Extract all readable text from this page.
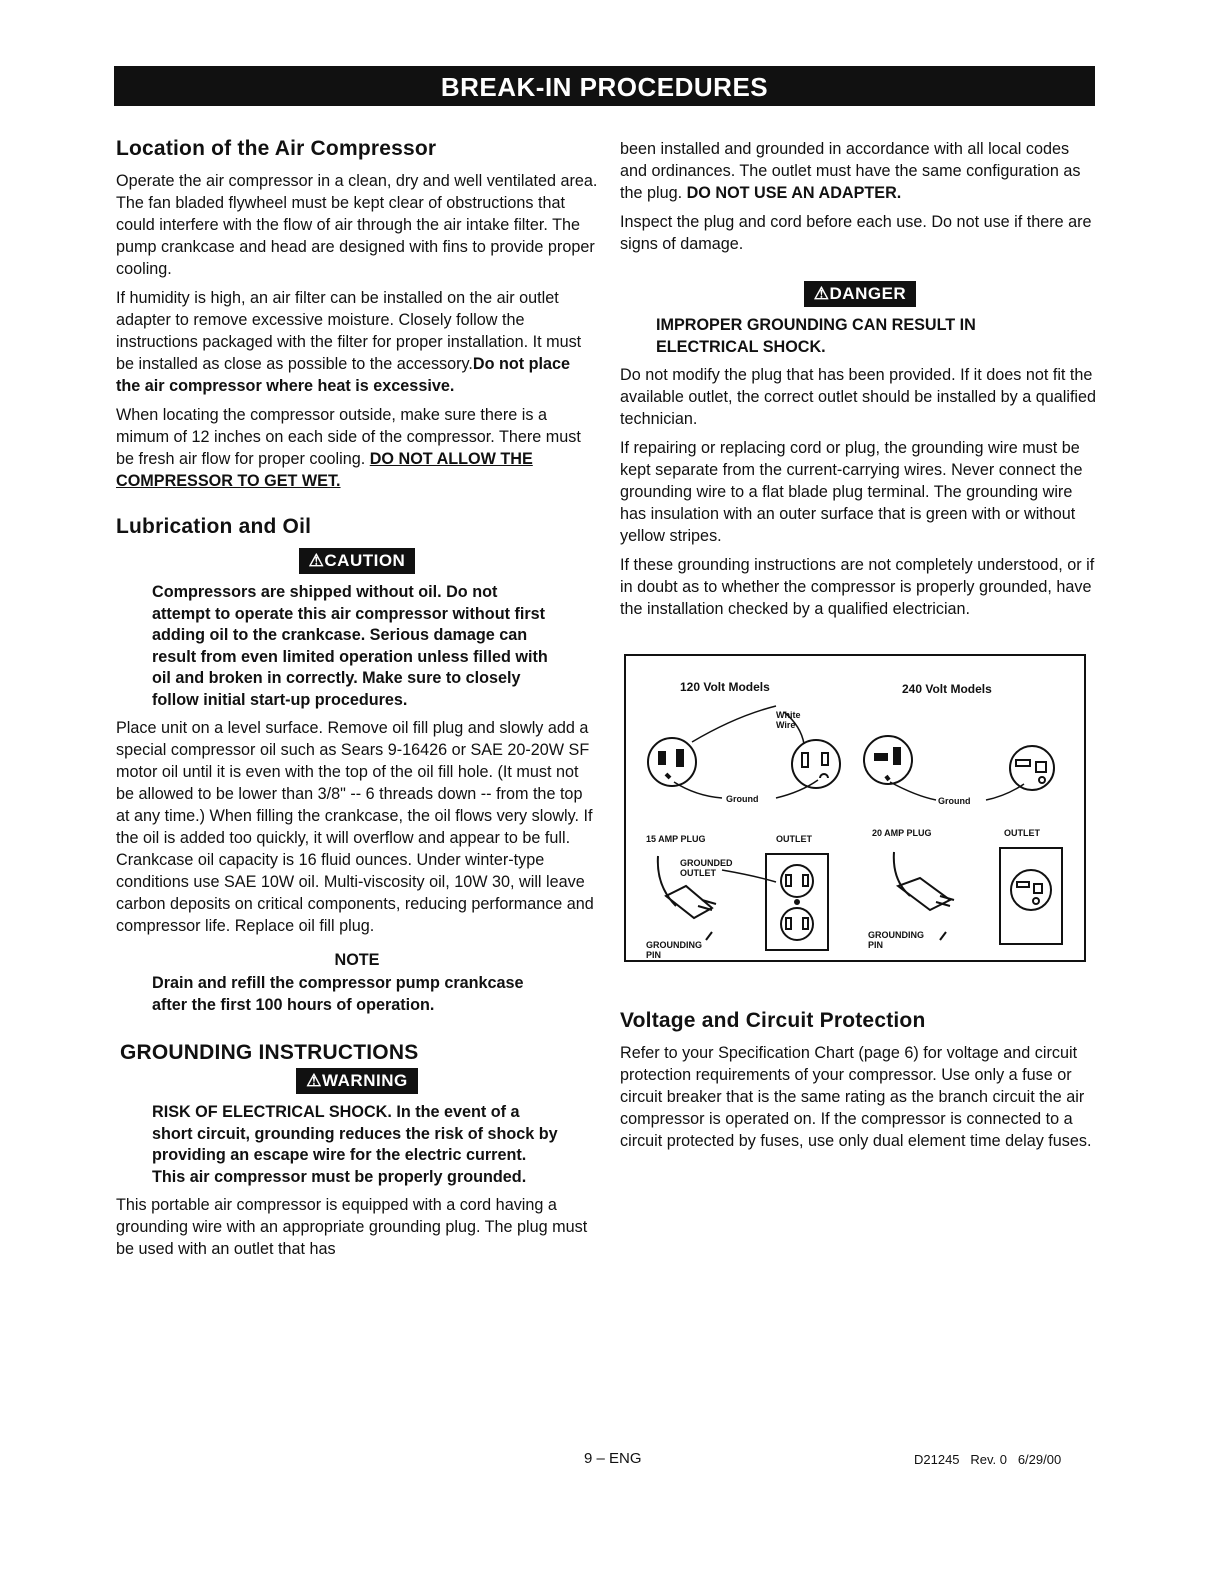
BREAK-IN PROCEDURES
Location of the Air Compressor

Operate the air compressor in a clean, dry and well ventilated area. The fan bladed flywheel must be kept clear of obstructions that could interfere with the flow of air through the air intake filter. The pump crankcase and head are designed with fins to provide proper cooling.

If humidity is high, an air filter can be installed on the air outlet adapter to remove excessive moisture. Closely follow the instructions packaged with the filter for proper installation. It must be installed as close as possible to the accessory.Do not place the air compressor where heat is excessive.

When locating the compressor outside, make sure there is a mimum of 12 inches on each side of the compressor. There must be fresh air flow for proper cooling. DO NOT ALLOW THE COMPRESSOR TO GET WET.

Lubrication and Oil
⚠CAUTION
Compressors are shipped without oil. Do not attempt to operate this air compressor without first adding oil to the crankcase. Serious damage can result from even limited operation unless filled with oil and broken in correctly. Make sure to closely follow initial start-up procedures.

Place unit on a level surface. Remove oil fill plug and slowly add a special compressor oil such as Sears 9-16426 or SAE 20-20W SF motor oil until it is even with the top of the oil fill hole. (It must not be allowed to be lower than 3/8" -- 6 threads down -- from the top at any time.) When filling the crankcase, the oil flows very slowly. If the oil is added too quickly, it will overflow and appear to be full. Crankcase oil capacity is 16 fluid ounces. Under winter-type conditions use SAE 10W oil. Multi-viscosity oil, 10W 30, will leave carbon deposits on critical components, reducing performance and compressor life. Replace oil fill plug.

NOTE
Drain and refill the compressor pump crankcase after the first 100 hours of operation.
GROUNDING INSTRUCTIONS
⚠WARNING
RISK OF ELECTRICAL SHOCK. In the event of a short circuit, grounding reduces the risk of shock by providing an escape wire for the electric current. This air compressor must be properly grounded.

This portable air compressor is equipped with a cord having a grounding wire with an appropriate grounding plug. The plug must be used with an outlet that has

been installed and grounded in accordance with all local codes and ordinances. The outlet must have the same configuration as the plug. DO NOT USE AN ADAPTER.

Inspect the plug and cord before each use. Do not use if there are signs of damage.

⚠DANGER
IMPROPER GROUNDING CAN RESULT IN ELECTRICAL SHOCK.

Do not modify the plug that has been provided. If it does not fit the available outlet, the correct outlet should be installed by a qualified technician.

If repairing or replacing cord or plug, the grounding wire must be kept separate from the current-carrying wires. Never connect the grounding wire to a flat blade plug terminal. The grounding wire has insulation with an outer surface that is green with or without yellow stripes.

If these grounding instructions are not completely understood, or if in doubt as to whether the compressor is properly grounded, have the installation checked by a qualified electrician.

120 Volt Models	240 Volt Models
White Wire
Ground	Ground
15 AMP PLUG	OUTLET
GROUNDED OUTLET
GROUNDING PIN
20 AMP PLUG	OUTLET
GROUNDING PIN
Voltage and Circuit Protection

Refer to your Specification Chart (page 6) for voltage and circuit protection requirements of your compressor. Use only a fuse or circuit breaker that is the same rating as the branch circuit the air compressor is operated on. If the compressor is connected to a circuit protected by fuses, use only dual element time delay fuses.

9 – ENG	D21245   Rev. 0   6/29/00
